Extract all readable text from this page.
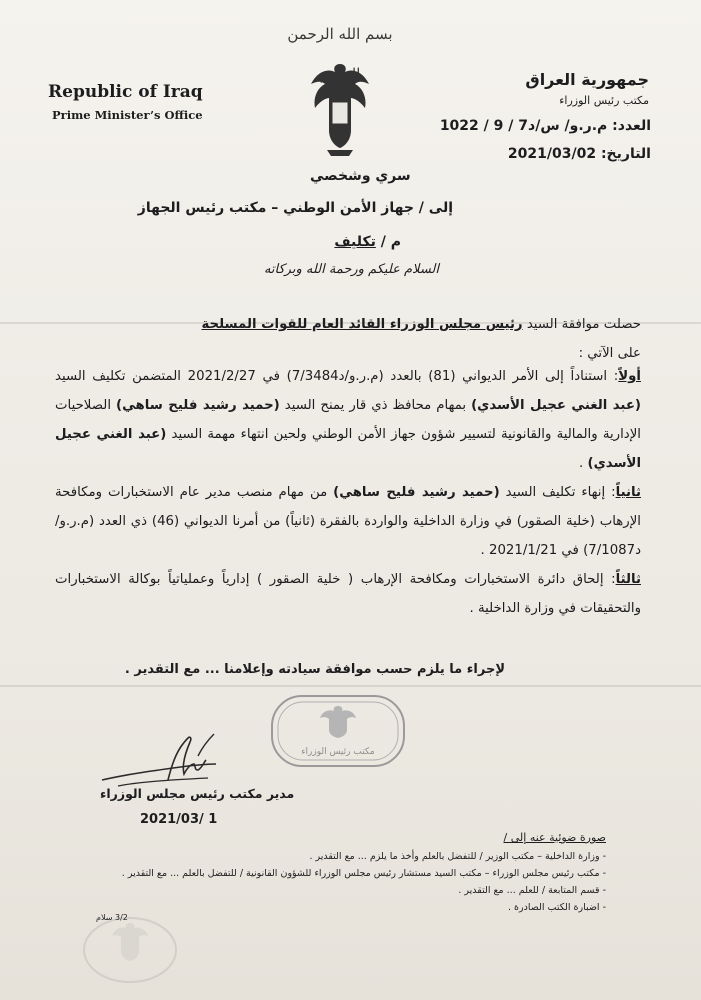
بسم الله الرحمن
Republic of Iraq
Prime Minister’s Office
جمهورية العراق
مكتب رئيس الوزراء
العدد: م.ر.و/ س/د7 / 9 / 1022
التاريخ: 2021/03/02
سري وشخصي
إلى / جهاز الأمن الوطني – مكتب رئيس الجهاز
م / تكليف
السلام عليكم ورحمة الله وبركاته
حصلت موافقة السيد رئيس مجلس الوزراء القائد العام للقوات المسلحة
على الآتي :
أولاً: استناداً إلى الأمر الديواني (81) بالعدد (م.ر.و/د7/3484) في 2021/2/27 المتضمن تكليف السيد (عبد الغني عجيل الأسدي) بمهام محافظ ذي قار يمنح السيد (حميد رشيد فليح ساهي) الصلاحيات الإدارية والمالية والقانونية لتسيير شؤون جهاز الأمن الوطني ولحين انتهاء مهمة السيد (عبد الغني عجيل الأسدي) .
ثانياً: إنهاء تكليف السيد (حميد رشيد فليح ساهي) من مهام منصب مدير عام الاستخبارات ومكافحة الإرهاب (خلية الصقور) في وزارة الداخلية والواردة بالفقرة (ثانياً) من أمرنا الديواني (46) ذي العدد (م.ر.و/د7/1087) في 2021/1/21 .
ثالثاً: إلحاق دائرة الاستخبارات ومكافحة الإرهاب ( خلية الصقور ) إدارياً وعملياتياً بوكالة الاستخبارات والتحقيقات في وزارة الداخلية .
لإجراء ما يلزم حسب موافقة سيادته وإعلامنا ... مع التقدير .
مكتب رئيس الوزراء
مدير مكتب رئيس مجلس الوزراء
2021/03/ 1
صورة ضوئية عنه إلى /
- وزارة الداخلية – مكتب الوزير / للتفضل بالعلم وأخذ ما يلزم ... مع التقدير .
- مكتب رئيس مجلس الوزراء – مكتب السيد مستشار رئيس مجلس الوزراء للشؤون القانونية / للتفضل بالعلم ... مع التقدير .
- قسم المتابعة / للعلم ... مع التقدير .
- اضبارة الكتب الصادرة .
3/2 سلام
